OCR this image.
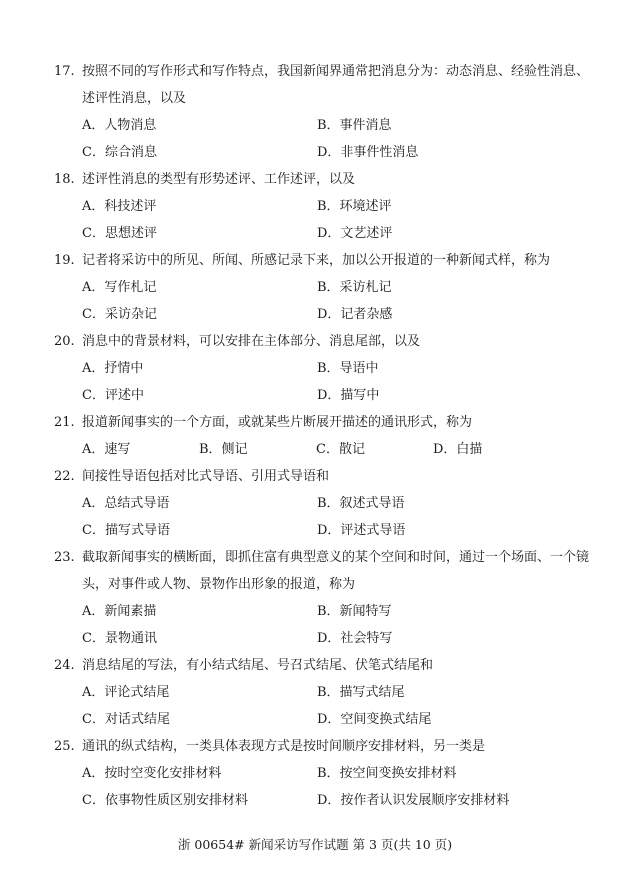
17. 按照不同的写作形式和写作特点，我国新闻界通常把消息分为：动态消息、经验性消息、述评性消息，以及
A．人物消息	B．事件消息
C．综合消息	D．非事件性消息
18. 述评性消息的类型有形势述评、工作述评，以及
A．科技述评	B．环境述评
C．思想述评	D．文艺述评
19. 记者将采访中的所见、所闻、所感记录下来，加以公开报道的一种新闻式样，称为
A．写作札记	B．采访札记
C．采访杂记	D．记者杂感
20. 消息中的背景材料，可以安排在主体部分、消息尾部，以及
A．抒情中	B．导语中
C．评述中	D．描写中
21. 报道新闻事实的一个方面，或就某些片断展开描述的通讯形式，称为
A．速写	B．侧记	C．散记	D．白描
22. 间接性导语包括对比式导语、引用式导语和
A．总结式导语	B．叙述式导语
C．描写式导语	D．评述式导语
23. 截取新闻事实的横断面，即抓住富有典型意义的某个空间和时间，通过一个场面、一个镜头，对事件或人物、景物作出形象的报道，称为
A．新闻素描	B．新闻特写
C．景物通讯	D．社会特写
24. 消息结尾的写法，有小结式结尾、号召式结尾、伏笔式结尾和
A．评论式结尾	B．描写式结尾
C．对话式结尾	D．空间变换式结尾
25. 通讯的纵式结构，一类具体表现方式是按时间顺序安排材料，另一类是
A．按时空变化安排材料	B．按空间变换安排材料
C．依事物性质区别安排材料	D．按作者认识发展顺序安排材料
浙 00654# 新闻采访写作试题 第 3 页(共 10 页)
